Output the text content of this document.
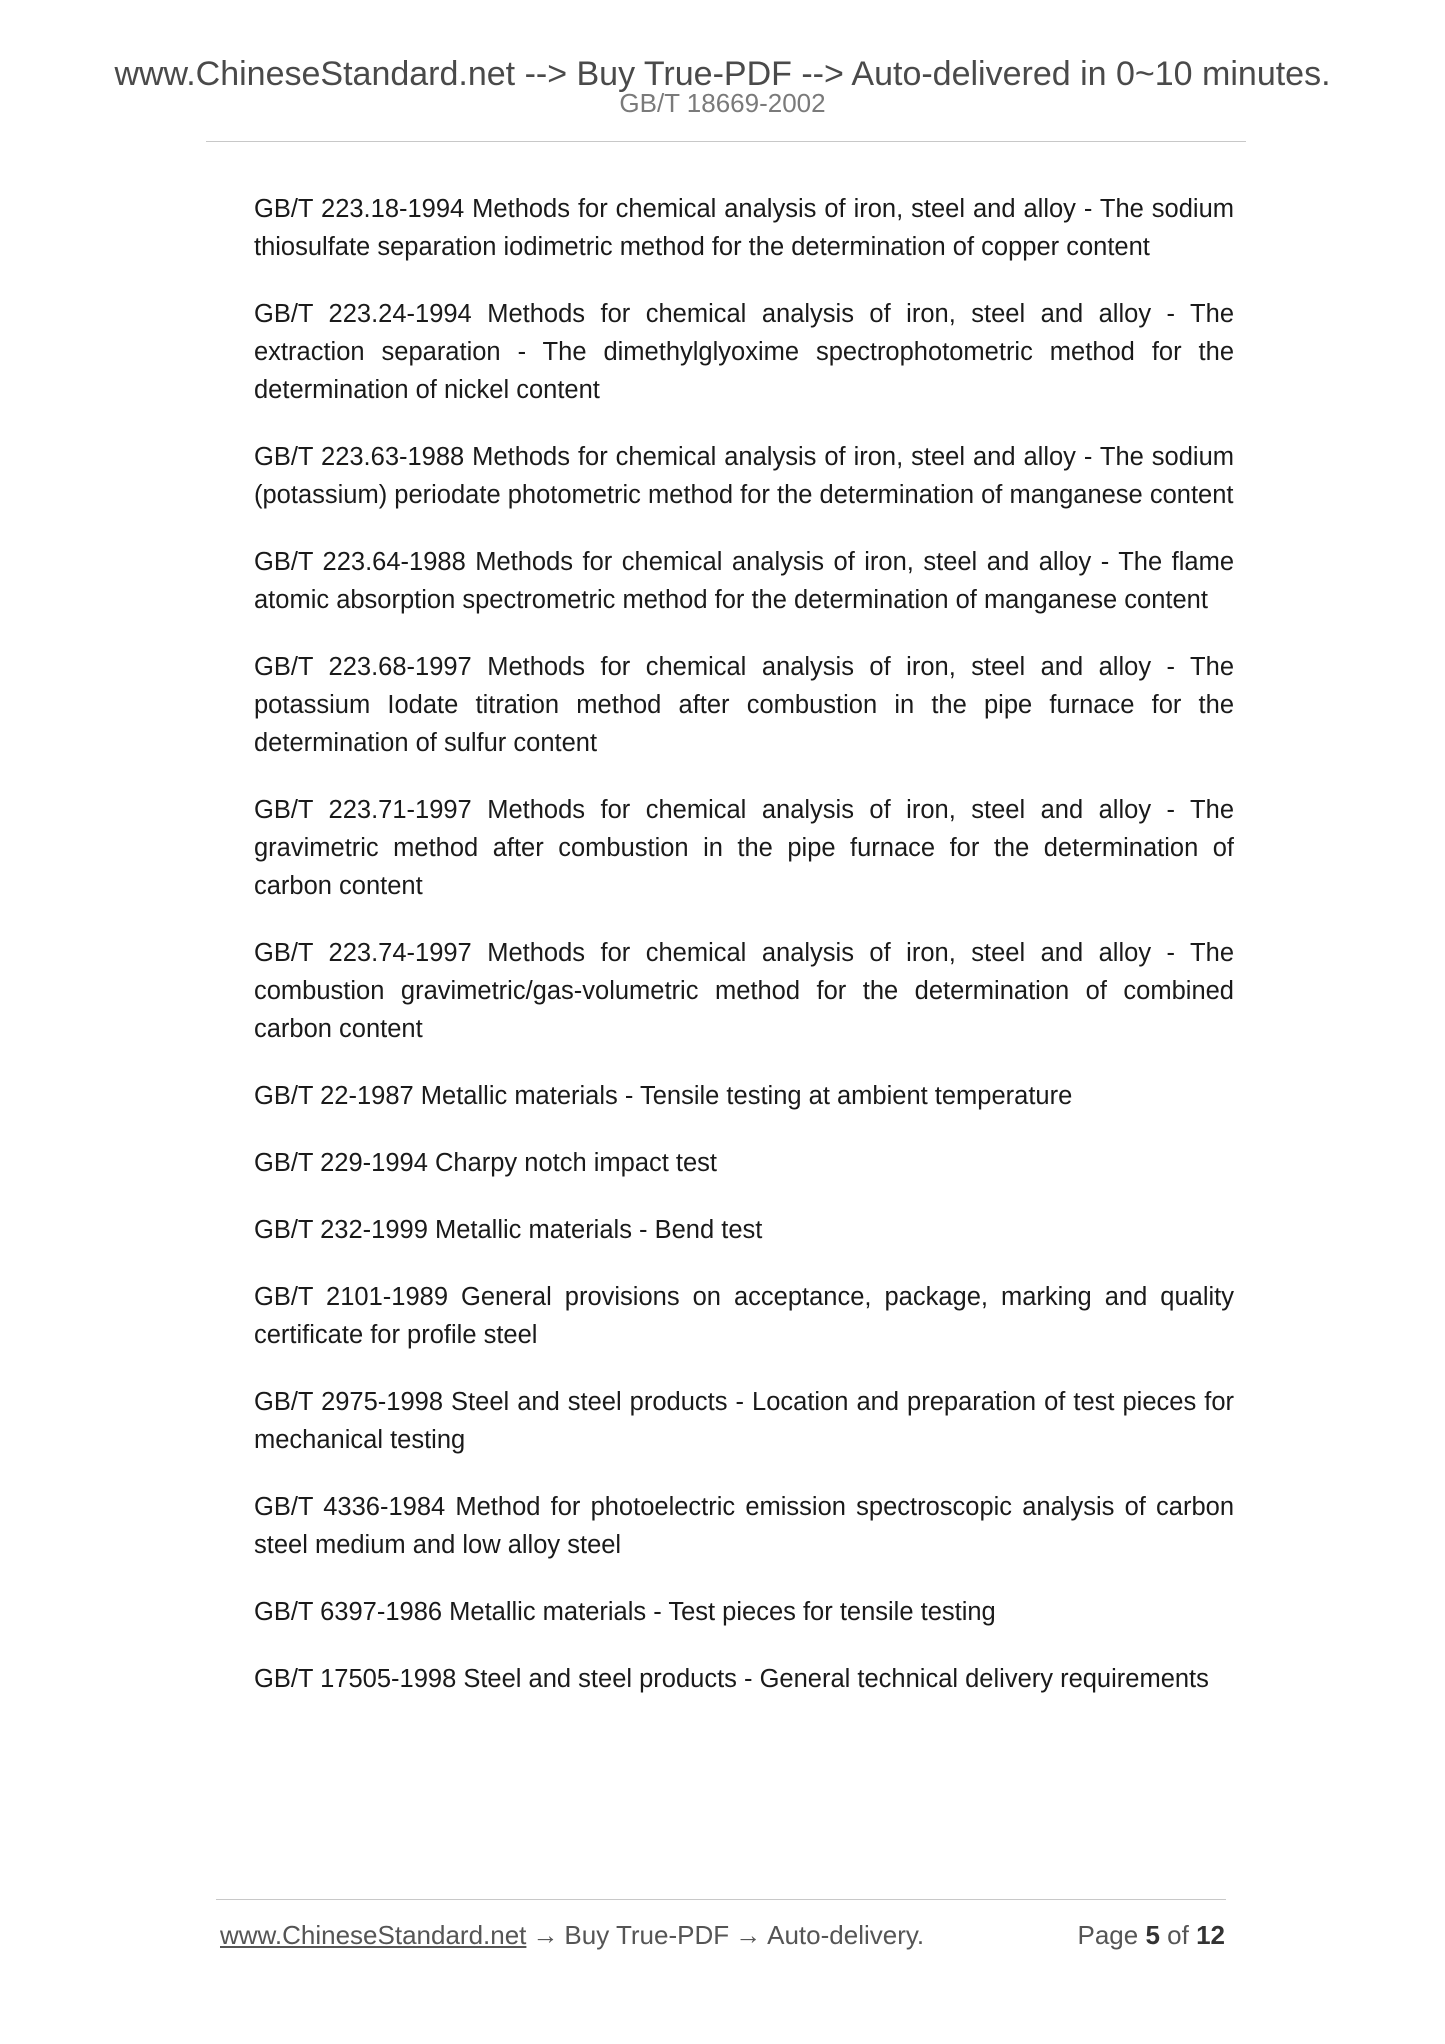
www.ChineseStandard.net --> Buy True-PDF --> Auto-delivered in 0~10 minutes.
GB/T 18669-2002
GB/T 223.18-1994 Methods for chemical analysis of iron, steel and alloy - The sodium thiosulfate separation iodimetric method for the determination of copper content
GB/T 223.24-1994 Methods for chemical analysis of iron, steel and alloy - The extraction separation - The dimethylglyoxime spectrophotometric method for the determination of nickel content
GB/T 223.63-1988 Methods for chemical analysis of iron, steel and alloy - The sodium (potassium) periodate photometric method for the determination of manganese content
GB/T 223.64-1988 Methods for chemical analysis of iron, steel and alloy - The flame atomic absorption spectrometric method for the determination of manganese content
GB/T 223.68-1997 Methods for chemical analysis of iron, steel and alloy - The potassium Iodate titration method after combustion in the pipe furnace for the determination of sulfur content
GB/T 223.71-1997 Methods for chemical analysis of iron, steel and alloy - The gravimetric method after combustion in the pipe furnace for the determination of carbon content
GB/T 223.74-1997 Methods for chemical analysis of iron, steel and alloy - The combustion gravimetric/gas-volumetric method for the determination of combined carbon content
GB/T 22-1987 Metallic materials - Tensile testing at ambient temperature
GB/T 229-1994 Charpy notch impact test
GB/T 232-1999 Metallic materials - Bend test
GB/T 2101-1989 General provisions on acceptance, package, marking and quality certificate for profile steel
GB/T 2975-1998 Steel and steel products - Location and preparation of test pieces for mechanical testing
GB/T 4336-1984 Method for photoelectric emission spectroscopic analysis of carbon steel medium and low alloy steel
GB/T 6397-1986 Metallic materials - Test pieces for tensile testing
GB/T 17505-1998 Steel and steel products - General technical delivery requirements
www.ChineseStandard.net → Buy True-PDF → Auto-delivery.	Page 5 of 12
